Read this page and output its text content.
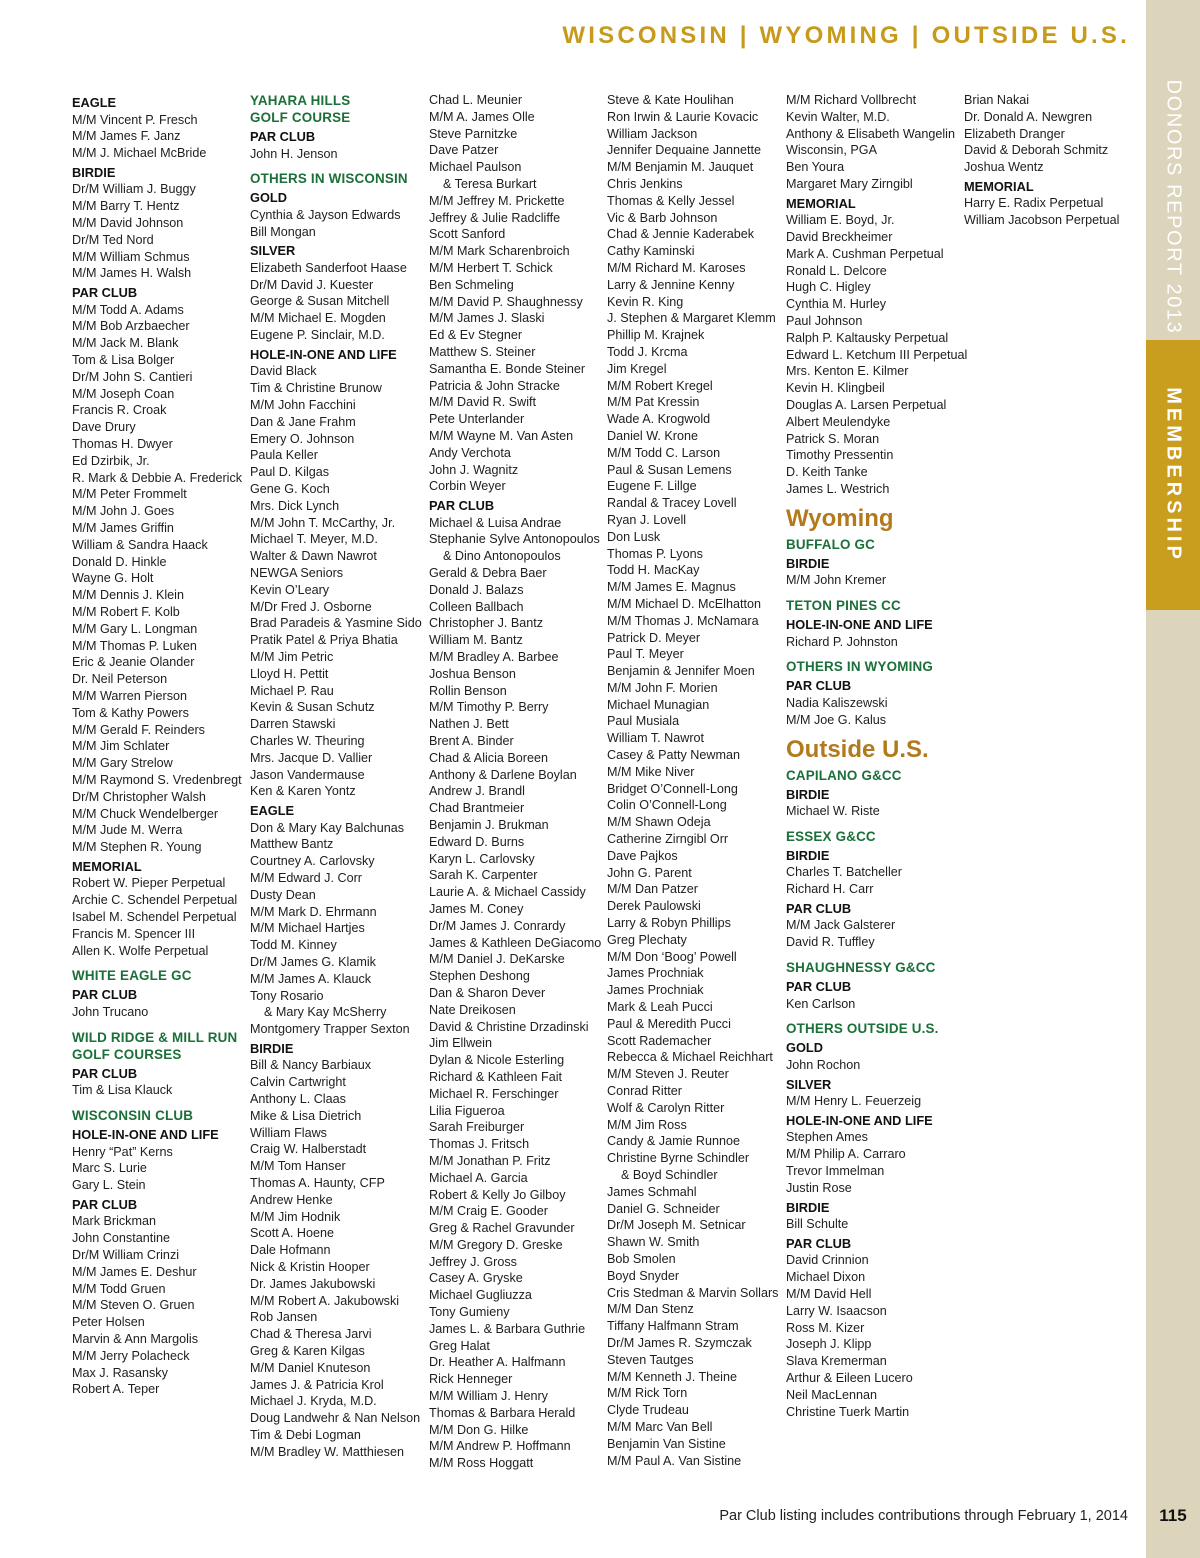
WISCONSIN | WYOMING | OUTSIDE U.S.
DONORS REPORT 2013
MEMBERSHIP
EAGLE
M/M Vincent P. Fresch
M/M James F. Janz
M/M J. Michael McBride
BIRDIE
Dr/M William J. Buggy
M/M Barry T. Hentz
M/M David Johnson
Dr/M Ted Nord
M/M William Schmus
M/M James H. Walsh
PAR CLUB
M/M Todd A. Adams
M/M Bob Arzbaecher
M/M Jack M. Blank
Tom & Lisa Bolger
Dr/M John S. Cantieri
M/M Joseph Coan
Francis R. Croak
Dave Drury
Thomas H. Dwyer
Ed Dzirbik, Jr.
R. Mark & Debbie A. Frederick
M/M Peter Frommelt
M/M John J. Goes
M/M James Griffin
William & Sandra Haack
Donald D. Hinkle
Wayne G. Holt
M/M Dennis J. Klein
M/M Robert F. Kolb
M/M Gary L. Longman
M/M Thomas P. Luken
Eric & Jeanie Olander
Dr. Neil Peterson
M/M Warren Pierson
Tom & Kathy Powers
M/M Gerald F. Reinders
M/M Jim Schlater
M/M Gary Strelow
M/M Raymond S. Vredenbregt
Dr/M Christopher Walsh
M/M Chuck Wendelberger
M/M Jude M. Werra
M/M Stephen R. Young
MEMORIAL
Robert W. Pieper Perpetual
Archie C. Schendel Perpetual
Isabel M. Schendel Perpetual
Francis M. Spencer III
Allen K. Wolfe Perpetual
WHITE EAGLE GC
PAR CLUB
John Trucano
WILD RIDGE & MILL RUN
GOLF COURSES
PAR CLUB
Tim & Lisa Klauck
WISCONSIN CLUB
HOLE-IN-ONE AND LIFE
Henry “Pat” Kerns
Marc S. Lurie
Gary L. Stein
PAR CLUB
Mark Brickman
John Constantine
Dr/M William Crinzi
M/M James E. Deshur
M/M Todd Gruen
M/M Steven O. Gruen
Peter Holsen
Marvin & Ann Margolis
M/M Jerry Polacheck
Max J. Rasansky
Robert A. Teper
YAHARA HILLS
GOLF COURSE
PAR CLUB
John H. Jenson
OTHERS IN WISCONSIN
GOLD
Cynthia & Jayson Edwards
Bill Mongan
SILVER
Elizabeth Sanderfoot Haase
Dr/M David J. Kuester
George & Susan Mitchell
M/M Michael E. Mogden
Eugene P. Sinclair, M.D.
HOLE-IN-ONE AND LIFE
David Black
Tim & Christine Brunow
M/M John Facchini
Dan & Jane Frahm
Emery O. Johnson
Paula Keller
Paul D. Kilgas
Gene G. Koch
Mrs. Dick Lynch
M/M John T. McCarthy, Jr.
Michael T. Meyer, M.D.
Walter & Dawn Nawrot
NEWGA Seniors
Kevin O’Leary
M/Dr Fred J. Osborne
Brad Paradeis & Yasmine Sido
Pratik Patel & Priya Bhatia
M/M Jim Petric
Lloyd H. Pettit
Michael P. Rau
Kevin & Susan Schutz
Darren Stawski
Charles W. Theuring
Mrs. Jacque D. Vallier
Jason Vandermause
Ken & Karen Yontz
EAGLE
Don & Mary Kay Balchunas
Matthew Bantz
Courtney A. Carlovsky
M/M Edward J. Corr
Dusty Dean
M/M Mark D. Ehrmann
M/M Michael Hartjes
Todd M. Kinney
Dr/M James G. Klamik
M/M James A. Klauck
Tony Rosario
& Mary Kay McSherry
Montgomery Trapper Sexton
BIRDIE
Bill & Nancy Barbiaux
Calvin Cartwright
Anthony L. Claas
Mike & Lisa Dietrich
William Flaws
Craig W. Halberstadt
M/M Tom Hanser
Thomas A. Haunty, CFP
Andrew Henke
M/M Jim Hodnik
Scott A. Hoene
Dale Hofmann
Nick & Kristin Hooper
Dr. James Jakubowski
M/M Robert A. Jakubowski
Rob Jansen
Chad & Theresa Jarvi
Greg & Karen Kilgas
M/M Daniel Knuteson
James J. & Patricia Krol
Michael J. Kryda, M.D.
Doug Landwehr & Nan Nelson
Tim & Debi Logman
M/M Bradley W. Matthiesen
Chad L. Meunier
M/M A. James Olle
Steve Parnitzke
Dave Patzer
Michael Paulson
& Teresa Burkart
M/M Jeffrey M. Prickette
Jeffrey & Julie Radcliffe
Scott Sanford
M/M Mark Scharenbroich
M/M Herbert T. Schick
Ben Schmeling
M/M David P. Shaughnessy
M/M James J. Slaski
Ed & Ev Stegner
Matthew S. Steiner
Samantha E. Bonde Steiner
Patricia & John Stracke
M/M David R. Swift
Pete Unterlander
M/M Wayne M. Van Asten
Andy Verchota
John J. Wagnitz
Corbin Weyer
PAR CLUB
Michael & Luisa Andrae
Stephanie Sylve Antonopoulos
& Dino Antonopoulos
Gerald & Debra Baer
Donald J. Balazs
Colleen Ballbach
Christopher J. Bantz
William M. Bantz
M/M Bradley A. Barbee
Joshua Benson
Rollin Benson
M/M Timothy P. Berry
Nathen J. Bett
Brent A. Binder
Chad & Alicia Boreen
Anthony & Darlene Boylan
Andrew J. Brandl
Chad Brantmeier
Benjamin J. Brukman
Edward D. Burns
Karyn L. Carlovsky
Sarah K. Carpenter
Laurie A. & Michael Cassidy
James M. Coney
Dr/M James J. Conrardy
James & Kathleen DeGiacomo
M/M Daniel J. DeKarske
Stephen Deshong
Dan & Sharon Dever
Nate Dreikosen
David & Christine Drzadinski
Jim Ellwein
Dylan & Nicole Esterling
Richard & Kathleen Fait
Michael R. Ferschinger
Lilia Figueroa
Sarah Freiburger
Thomas J. Fritsch
M/M Jonathan P. Fritz
Michael A. Garcia
Robert & Kelly Jo Gilboy
M/M Craig E. Gooder
Greg & Rachel Gravunder
M/M Gregory D. Greske
Jeffrey J. Gross
Casey A. Gryske
Michael Gugliuzza
Tony Gumieny
James L. & Barbara Guthrie
Greg Halat
Dr. Heather A. Halfmann
Rick Henneger
M/M William J. Henry
Thomas & Barbara Herald
M/M Don G. Hilke
M/M Andrew P. Hoffmann
M/M Ross Hoggatt
Steve & Kate Houlihan
Ron Irwin & Laurie Kovacic
William Jackson
Jennifer Dequaine Jannette
M/M Benjamin M. Jauquet
Chris Jenkins
Thomas & Kelly Jessel
Vic & Barb Johnson
Chad & Jennie Kaderabek
Cathy Kaminski
M/M Richard M. Karoses
Larry & Jennine Kenny
Kevin R. King
J. Stephen & Margaret Klemm
Phillip M. Krajnek
Todd J. Krcma
Jim Kregel
M/M Robert Kregel
M/M Pat Kressin
Wade A. Krogwold
Daniel W. Krone
M/M Todd C. Larson
Paul & Susan Lemens
Eugene F. Lillge
Randal & Tracey Lovell
Ryan J. Lovell
Don Lusk
Thomas P. Lyons
Todd H. MacKay
M/M James E. Magnus
M/M Michael D. McElhatton
M/M Thomas J. McNamara
Patrick D. Meyer
Paul T. Meyer
Benjamin & Jennifer Moen
M/M John F. Morien
Michael Munagian
Paul Musiala
William T. Nawrot
Casey & Patty Newman
M/M Mike Niver
Bridget O’Connell-Long
Colin O’Connell-Long
M/M Shawn Odeja
Catherine Zirngibl Orr
Dave Pajkos
John G. Parent
M/M Dan Patzer
Derek Paulowski
Larry & Robyn Phillips
Greg Plechaty
M/M Don ‘Boog’ Powell
James Prochniak
James Prochniak
Mark & Leah Pucci
Paul & Meredith Pucci
Scott Rademacher
Rebecca & Michael Reichhart
M/M Steven J. Reuter
Conrad Ritter
Wolf & Carolyn Ritter
M/M Jim Ross
Candy & Jamie Runnoe
Christine Byrne Schindler
& Boyd Schindler
James Schmahl
Daniel G. Schneider
Dr/M Joseph M. Setnicar
Shawn W. Smith
Bob Smolen
Boyd Snyder
Cris Stedman & Marvin Sollars
M/M Dan Stenz
Tiffany Halfmann Stram
Dr/M James R. Szymczak
Steven Tautges
M/M Kenneth J. Theine
M/M Rick Torn
Clyde Trudeau
M/M Marc Van Bell
Benjamin Van Sistine
M/M Paul A. Van Sistine
M/M Richard Vollbrecht
Kevin Walter, M.D.
Anthony & Elisabeth Wangelin
Wisconsin, PGA
Ben Youra
Margaret Mary Zirngibl
MEMORIAL
William E. Boyd, Jr.
David Breckheimer
Mark A. Cushman Perpetual
Ronald L. Delcore
Hugh C. Higley
Cynthia M. Hurley
Paul Johnson
Ralph P. Kaltausky Perpetual
Edward L. Ketchum III Perpetual
Mrs. Kenton E. Kilmer
Kevin H. Klingbeil
Douglas A. Larsen Perpetual
Albert Meulendyke
Patrick S. Moran
Timothy Pressentin
D. Keith Tanke
James L. Westrich
Wyoming
BUFFALO GC
BIRDIE
M/M John Kremer
TETON PINES CC
HOLE-IN-ONE AND LIFE
Richard P. Johnston
OTHERS IN WYOMING
PAR CLUB
Nadia Kaliszewski
M/M Joe G. Kalus
Outside U.S.
CAPILANO G&CC
BIRDIE
Michael W. Riste
ESSEX G&CC
BIRDIE
Charles T. Batcheller
Richard H. Carr
PAR CLUB
M/M Jack Galsterer
David R. Tuffley
SHAUGHNESSY G&CC
PAR CLUB
Ken Carlson
OTHERS OUTSIDE U.S.
GOLD
John Rochon
SILVER
M/M Henry L. Feuerzeig
HOLE-IN-ONE AND LIFE
Stephen Ames
M/M Philip A. Carraro
Trevor Immelman
Justin Rose
BIRDIE
Bill Schulte
PAR CLUB
David Crinnion
Michael Dixon
M/M David Hell
Larry W. Isaacson
Ross M. Kizer
Joseph J. Klipp
Slava Kremerman
Arthur & Eileen Lucero
Neil MacLennan
Christine Tuerk Martin
Brian Nakai
Dr. Donald A. Newgren
Elizabeth Dranger
David & Deborah Schmitz
Joshua Wentz
MEMORIAL
Harry E. Radix Perpetual
William Jacobson Perpetual
Par Club listing includes contributions through February 1, 2014	115
